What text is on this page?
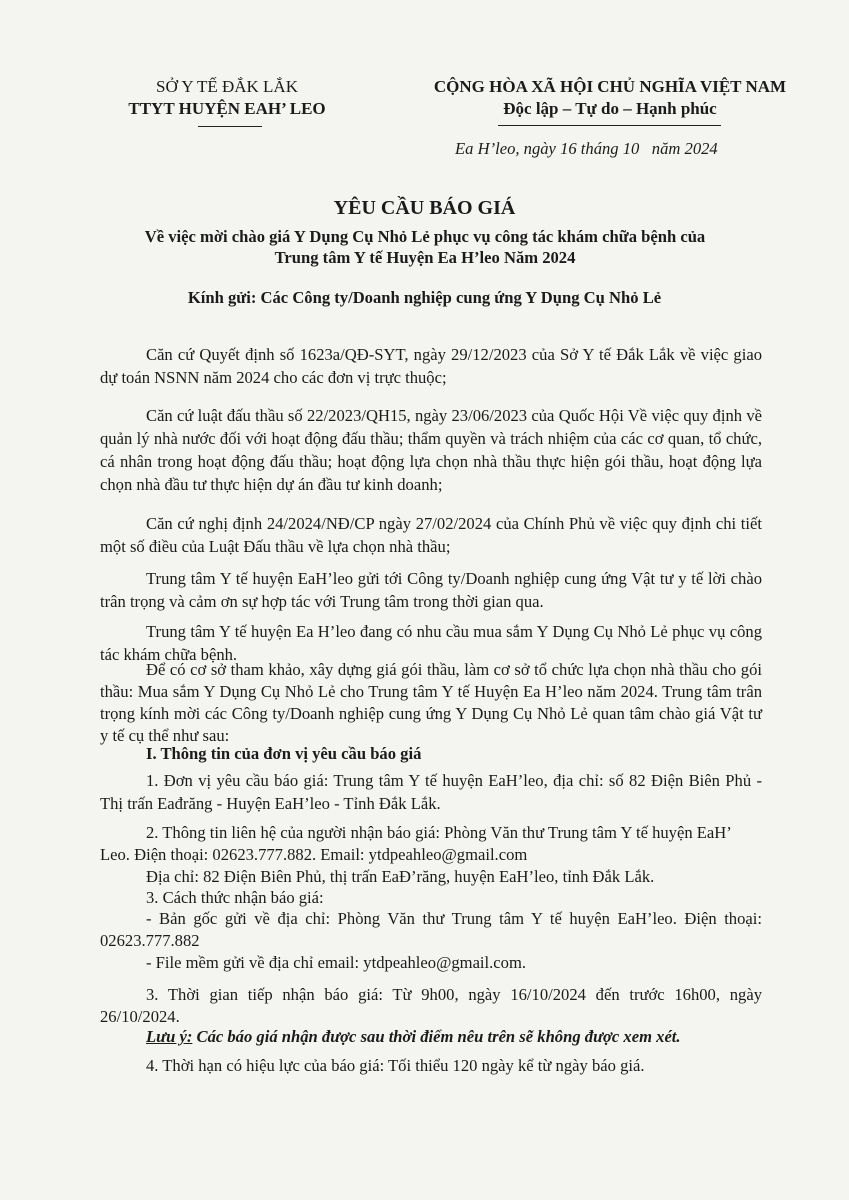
SỞ Y TẾ ĐẮK LẮK
TTYT HUYỆN EAH’ LEO
CỘNG HÒA XÃ HỘI CHỦ NGHĨA VIỆT NAM
Độc lập – Tự do – Hạnh phúc
Ea H’leo, ngày 16 tháng 10   năm 2024
YÊU CẦU BÁO GIÁ
Về việc mời chào giá Y Dụng Cụ Nhỏ Lẻ phục vụ công tác khám chữa bệnh của
Trung tâm Y tế Huyện Ea H’leo Năm 2024
Kính gửi: Các Công ty/Doanh nghiệp cung ứng Y Dụng Cụ Nhỏ Lẻ
Căn cứ Quyết định số 1623a/QĐ-SYT, ngày 29/12/2023 của Sở Y tế Đắk Lắk về việc giao dự toán NSNN năm 2024 cho các đơn vị trực thuộc;
Căn cứ luật đấu thầu số 22/2023/QH15, ngày 23/06/2023 của Quốc Hội Về việc quy định về quản lý nhà nước đối với hoạt động đấu thầu; thẩm quyền và trách nhiệm của các cơ quan, tổ chức, cá nhân trong hoạt động đấu thầu; hoạt động lựa chọn nhà thầu thực hiện gói thầu, hoạt động lựa chọn nhà đầu tư thực hiện dự án đầu tư kinh doanh;
Căn cứ nghị định 24/2024/NĐ/CP ngày 27/02/2024 của Chính Phủ về việc quy định chi tiết một số điều của Luật Đấu thầu về lựa chọn nhà thầu;
Trung tâm Y tế huyện EaH’leo gửi tới Công ty/Doanh nghiệp cung ứng Vật tư y tế lời chào trân trọng và cảm ơn sự hợp tác với Trung tâm trong thời gian qua.
Trung tâm Y tế huyện Ea H’leo đang có nhu cầu mua sắm Y Dụng Cụ Nhỏ Lẻ phục vụ công tác khám chữa bệnh.
Để có cơ sở tham khảo, xây dựng giá gói thầu, làm cơ sở tổ chức lựa chọn nhà thầu cho gói thầu: Mua sắm Y Dụng Cụ Nhỏ Lẻ cho Trung tâm Y tế Huyện Ea H’leo năm 2024. Trung tâm trân trọng kính mời các Công ty/Doanh nghiệp cung ứng Y Dụng Cụ Nhỏ Lẻ quan tâm chào giá Vật tư y tế cụ thể như sau:
I. Thông tin của đơn vị yêu cầu báo giá
1. Đơn vị yêu cầu báo giá: Trung tâm Y tế huyện EaH’leo, địa chỉ: số 82 Điện Biên Phủ - Thị trấn Eađrăng - Huyện EaH’leo - Tỉnh Đắk Lắk.
2. Thông tin liên hệ của người nhận báo giá: Phòng Văn thư Trung tâm Y tế huyện EaH’ Leo. Điện thoại: 02623.777.882. Email: ytdpeahleo@gmail.com
Địa chỉ: 82 Điện Biên Phủ, thị trấn EaĐ’răng, huyện EaH’leo, tỉnh Đắk Lắk.
3. Cách thức nhận báo giá:
- Bản gốc gửi về địa chỉ: Phòng Văn thư Trung tâm Y tế huyện EaH’leo. Điện thoại: 02623.777.882
- File mềm gửi về địa chỉ email: ytdpeahleo@gmail.com.
3. Thời gian tiếp nhận báo giá: Từ 9h00, ngày 16/10/2024 đến trước 16h00, ngày 26/10/2024.
Lưu ý: Các báo giá nhận được sau thời điểm nêu trên sẽ không được xem xét.
4. Thời hạn có hiệu lực của báo giá: Tối thiểu 120 ngày kể từ ngày báo giá.
